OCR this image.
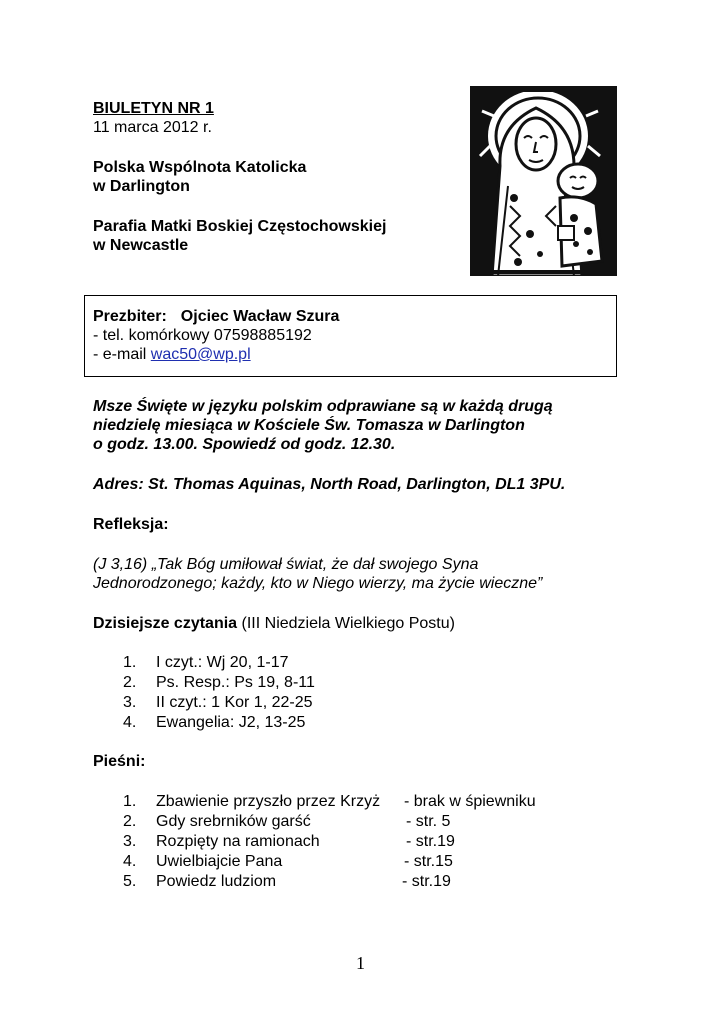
BIULETYN NR 1
11 marca 2012 r.
Polska Wspólnota Katolicka
w Darlington
Parafia Matki Boskiej Częstochowskiej
w Newcastle
Prezbiter: Ojciec Wacław Szura
- tel. komórkowy 07598885192
- e-mail wac50@wp.pl
Msze Święte w języku polskim odprawiane są w każdą drugą
niedzielę miesiąca w Kościele Św. Tomasza w Darlington
o godz. 13.00. Spowiedź od godz. 12.30.
Adres: St. Thomas Aquinas, North Road, Darlington, DL1 3PU.
Refleksja:
(J 3,16) „Tak Bóg umiłował świat, że dał swojego Syna
Jednorodzonego; każdy, kto w Niego wierzy, ma życie wieczne”
Dzisiejsze czytania (III Niedziela Wielkiego Postu)
1. I czyt.: Wj 20, 1-17
2. Ps. Resp.: Ps 19, 8-11
3. II czyt.: 1 Kor 1, 22-25
4. Ewangelia: J2, 13-25
Pieśni:
1. Zbawienie przyszło przez Krzyż - brak w śpiewniku
2. Gdy srebrników garść	- str. 5
3. Rozpięty na ramionach	- str.19
4. Uwielbiajcie Pana	- str.15
5. Powiedz ludziom	- str.19
1
